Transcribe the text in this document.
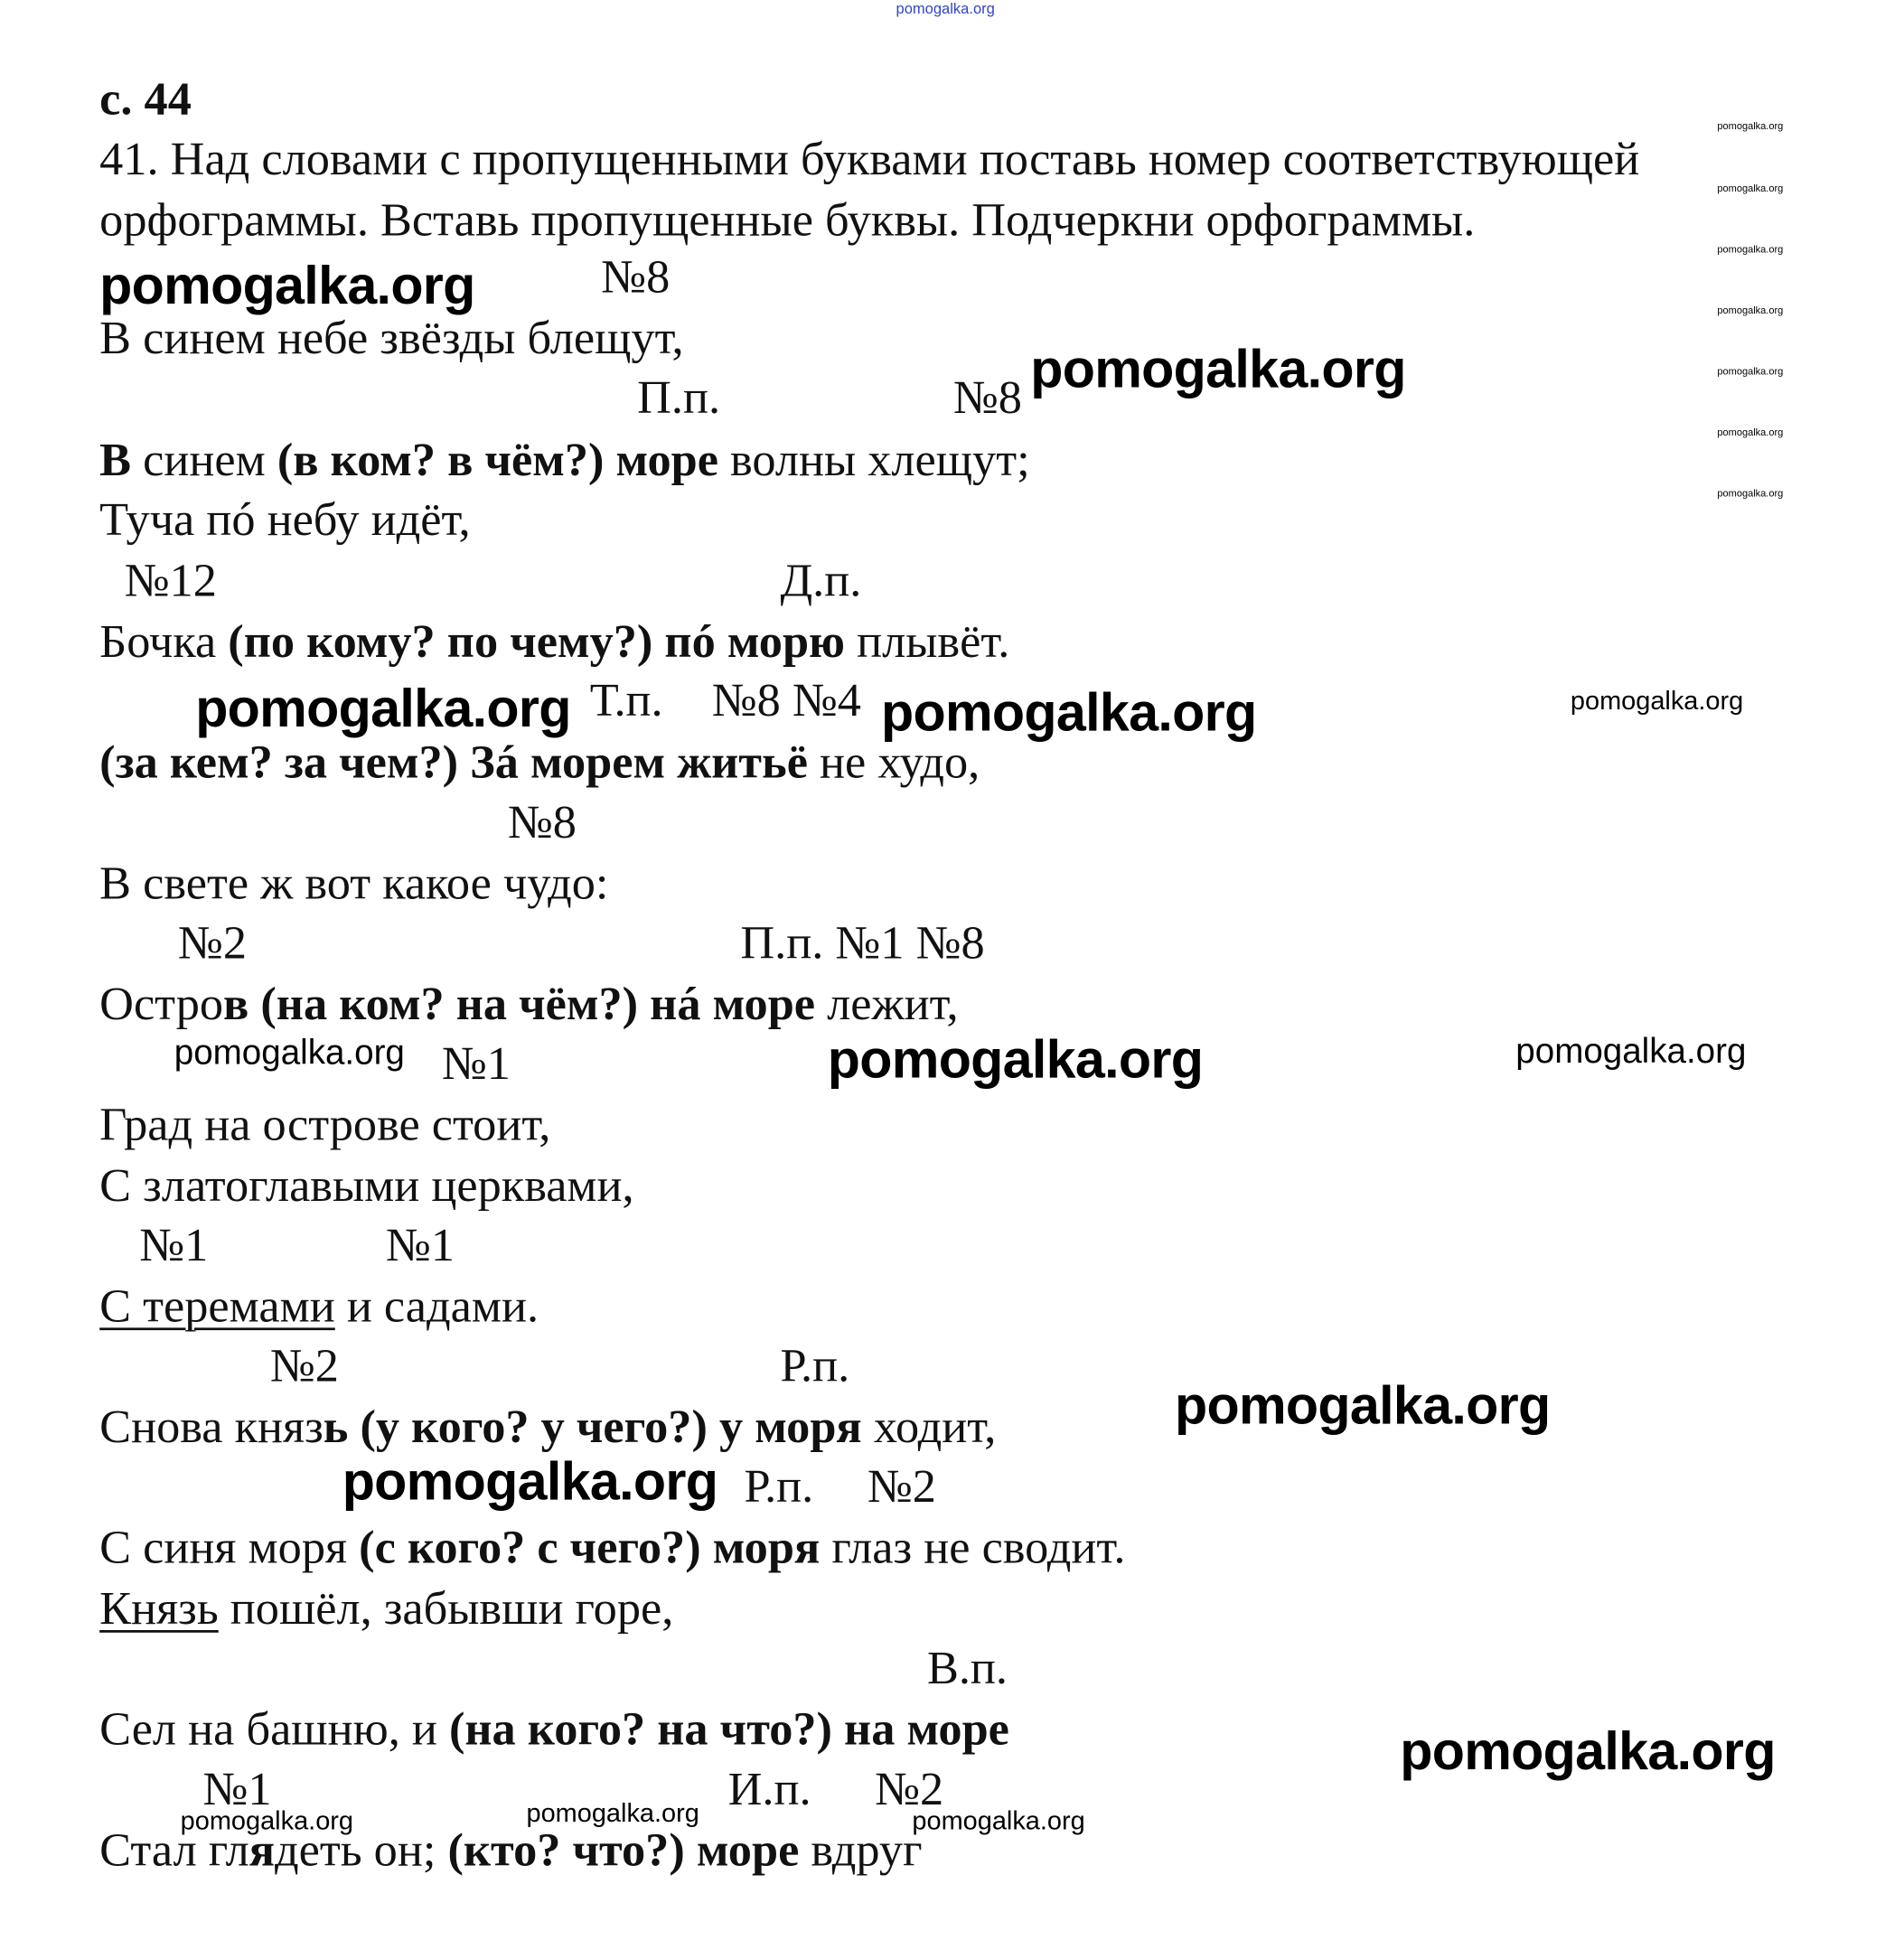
pomogalka.org
с. 44
41. Над словами с пропущенными буквами поставь номер соответствующей
орфограммы. Вставь пропущенные буквы. Подчеркни орфограммы.
pomogalka.org
pomogalka.org
pomogalka.org
pomogalka.org
pomogalka.org
pomogalka.org
pomogalka.org
В синем небе звёзды блещут,
В синем (в ком? в чём?) море волны хлещут;
Туча пó небу идёт,
Бочка (по кому? по чему?) пó морю плывёт.
(за кем? за чем?) Зá морем житьё не худо,
В свете ж вот какое чудо:
Остров (на ком? на чём?) нá море лежит,
Град на острове стоит,
С златоглавыми церквами,
С теремами и садами.
Снова князь (у кого? у чего?) у моря ходит,
С синя моря (с кого? с чего?) моря глаз не сводит.
Князь пошёл, забывши горе,
Сел на башню, и (на кого? на что?) на море
Стал глядеть он; (кто? что?) море вдруг
№8
П.п.	№8
№12	Д.п.
Т.п. №8 №4
№8
№2	П.п. №1 №8
№1
№1	№1
№2	Р.п.
Р.п. №2
В.п.
№1	И.п. №2
pomogalka.org
pomogalka.org
pomogalka.org	pomogalka.org	pomogalka.org
pomogalka.org	pomogalka.org	pomogalka.org
pomogalka.org
pomogalka.org
pomogalka.org
pomogalka.org	pomogalka.org	pomogalka.org
